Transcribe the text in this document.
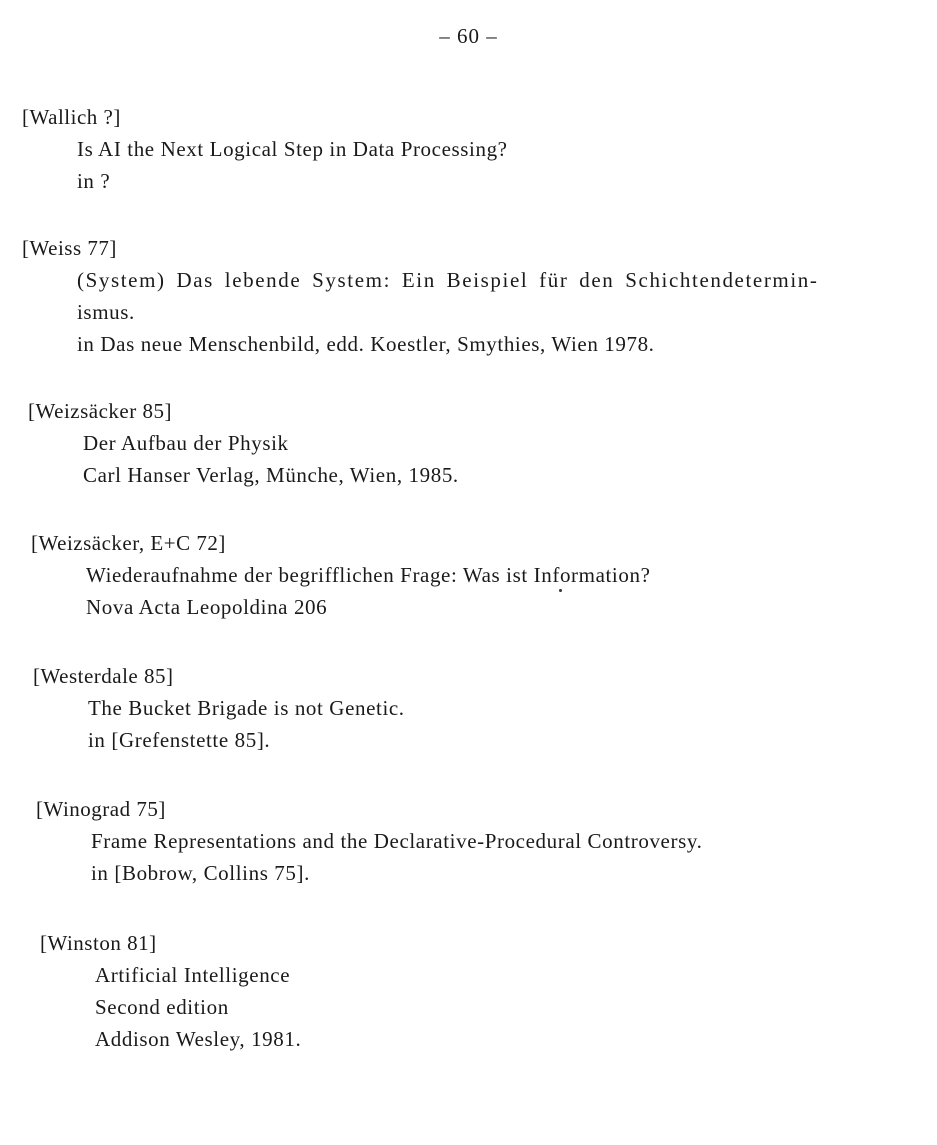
– 60 –
[Wallich ?]
Is AI the Next Logical Step in Data Processing?
in ?
[Weiss 77]
(System) Das lebende System: Ein Beispiel für den Schichtendetermin-
ismus.
in Das neue Menschenbild, edd. Koestler, Smythies, Wien 1978.
[Weizsäcker 85]
Der Aufbau der Physik
Carl Hanser Verlag, Münche, Wien, 1985.
[Weizsäcker, E+C 72]
Wiederaufnahme der begrifflichen Frage: Was ist Information?
Nova Acta Leopoldina 206
[Westerdale 85]
The Bucket Brigade is not Genetic.
in [Grefenstette 85].
[Winograd 75]
Frame Representations and the Declarative-Procedural Controversy.
in [Bobrow, Collins 75].
[Winston 81]
Artificial Intelligence
Second edition
Addison Wesley, 1981.
